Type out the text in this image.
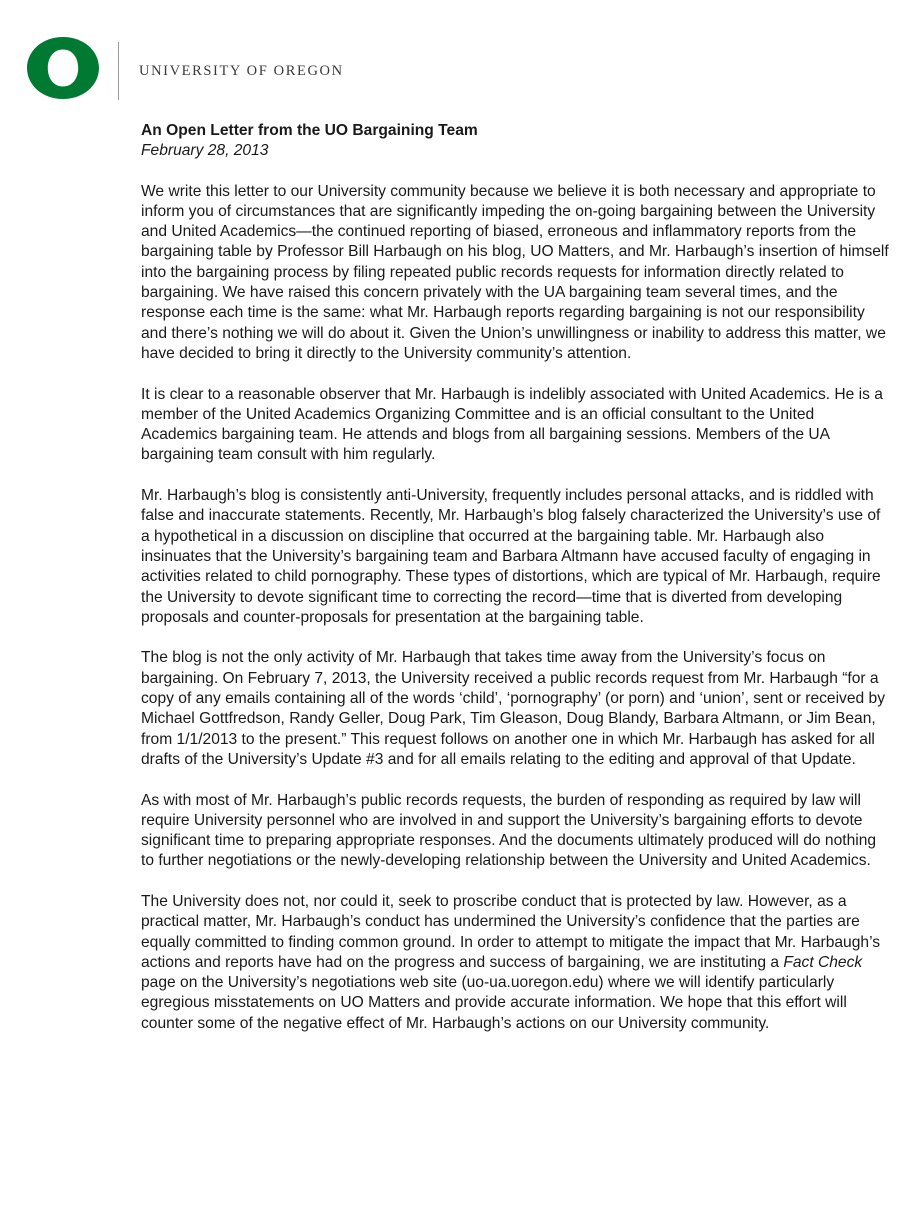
UNIVERSITY OF OREGON

An Open Letter from the UO Bargaining Team

February 28, 2013

We write this letter to our University community because we believe it is both necessary and appropriate to inform you of circumstances that are significantly impeding the on-going bargaining between the University and United Academics—the continued reporting of biased, erroneous and inflammatory reports from the bargaining table by Professor Bill Harbaugh on his blog, UO Matters, and Mr. Harbaugh’s insertion of himself into the bargaining process by filing repeated public records requests for information directly related to bargaining. We have raised this concern privately with the UA bargaining team several times, and the response each time is the same: what Mr. Harbaugh reports regarding bargaining is not our responsibility and there’s nothing we will do about it. Given the Union’s unwillingness or inability to address this matter, we have decided to bring it directly to the University community’s attention.

It is clear to a reasonable observer that Mr. Harbaugh is indelibly associated with United Academics. He is a member of the United Academics Organizing Committee and is an official consultant to the United Academics bargaining team. He attends and blogs from all bargaining sessions. Members of the UA bargaining team consult with him regularly.

Mr. Harbaugh’s blog is consistently anti-University, frequently includes personal attacks, and is riddled with false and inaccurate statements. Recently, Mr. Harbaugh’s blog falsely characterized the University’s use of a hypothetical in a discussion on discipline that occurred at the bargaining table. Mr. Harbaugh also insinuates that the University’s bargaining team and Barbara Altmann have accused faculty of engaging in activities related to child pornography. These types of distortions, which are typical of Mr. Harbaugh, require the University to devote significant time to correcting the record—time that is diverted from developing proposals and counter-proposals for presentation at the bargaining table.

The blog is not the only activity of Mr. Harbaugh that takes time away from the University’s focus on bargaining. On February 7, 2013, the University received a public records request from Mr. Harbaugh “for a copy of any emails containing all of the words ‘child’, ‘pornography’ (or porn) and ‘union’, sent or received by Michael Gottfredson, Randy Geller, Doug Park, Tim Gleason, Doug Blandy, Barbara Altmann, or Jim Bean, from 1/1/2013 to the present.” This request follows on another one in which Mr. Harbaugh has asked for all drafts of the University’s Update #3 and for all emails relating to the editing and approval of that Update.

As with most of Mr. Harbaugh’s public records requests, the burden of responding as required by law will require University personnel who are involved in and support the University’s bargaining efforts to devote significant time to preparing appropriate responses. And the documents ultimately produced will do nothing to further negotiations or the newly-developing relationship between the University and United Academics.

The University does not, nor could it, seek to proscribe conduct that is protected by law. However, as a practical matter, Mr. Harbaugh’s conduct has undermined the University’s confidence that the parties are equally committed to finding common ground. In order to attempt to mitigate the impact that Mr. Harbaugh’s actions and reports have had on the progress and success of bargaining, we are instituting a Fact Check page on the University’s negotiations web site (uo-ua.uoregon.edu) where we will identify particularly egregious misstatements on UO Matters and provide accurate information. We hope that this effort will counter some of the negative effect of Mr. Harbaugh’s actions on our University community.
